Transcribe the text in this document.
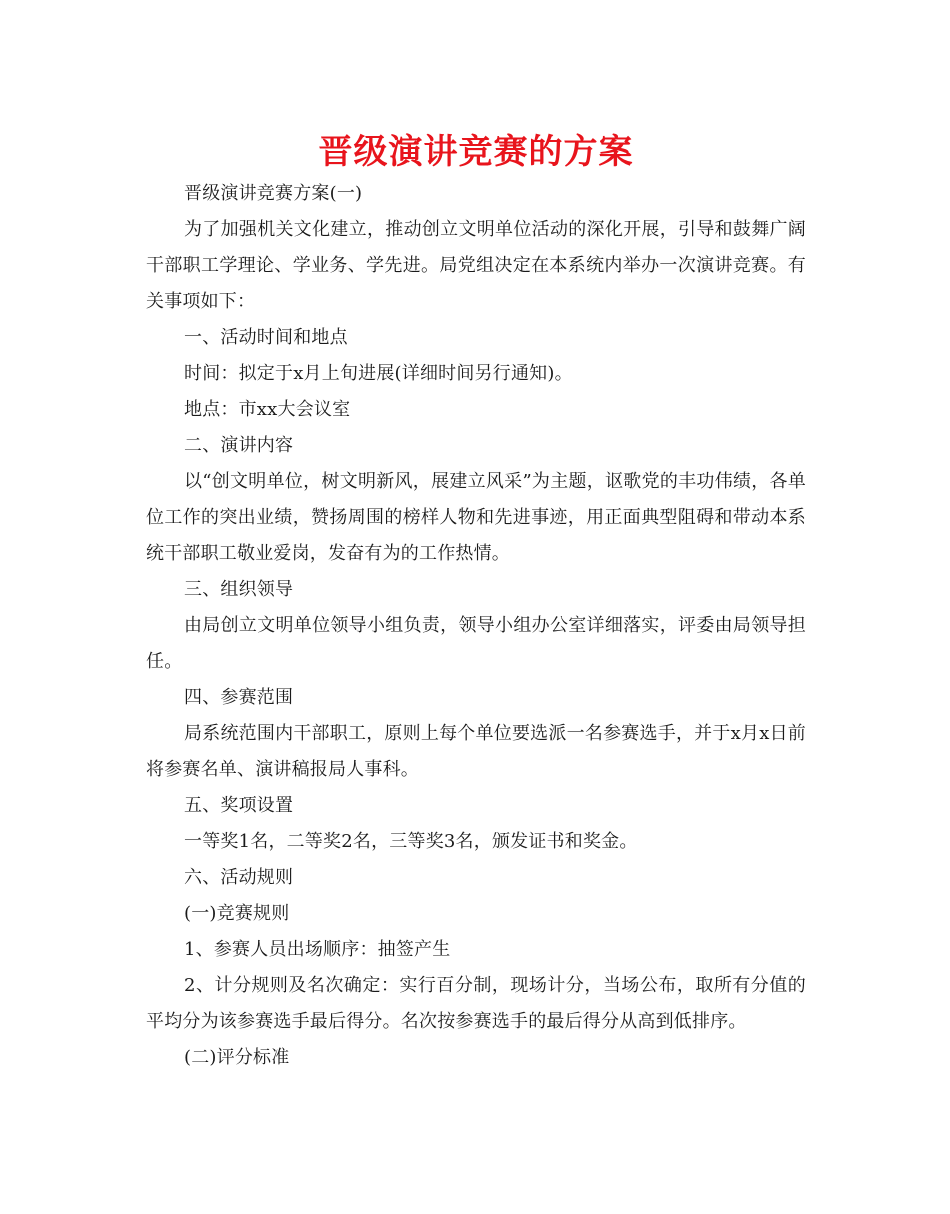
晋级演讲竞赛的方案

晋级演讲竞赛方案(一)

为了加强机关文化建立，推动创立文明单位活动的深化开展，引导和鼓舞广阔干部职工学理论、学业务、学先进。局党组决定在本系统内举办一次演讲竞赛。有关事项如下：

一、活动时间和地点

时间：拟定于x月上旬进展(详细时间另行通知)。

地点：市xx大会议室

二、演讲内容

以“创文明单位，树文明新风，展建立风采”为主题，讴歌党的丰功伟绩，各单位工作的突出业绩，赞扬周围的榜样人物和先进事迹，用正面典型阻碍和带动本系统干部职工敬业爱岗，发奋有为的工作热情。

三、组织领导

由局创立文明单位领导小组负责，领导小组办公室详细落实，评委由局领导担任。

四、参赛范围

局系统范围内干部职工，原则上每个单位要选派一名参赛选手，并于x月x日前将参赛名单、演讲稿报局人事科。

五、奖项设置

一等奖1名，二等奖2名，三等奖3名，颁发证书和奖金。

六、活动规则

(一)竞赛规则

1、参赛人员出场顺序：抽签产生

2、计分规则及名次确定：实行百分制，现场计分，当场公布，取所有分值的平均分为该参赛选手最后得分。名次按参赛选手的最后得分从高到低排序。

(二)评分标准
